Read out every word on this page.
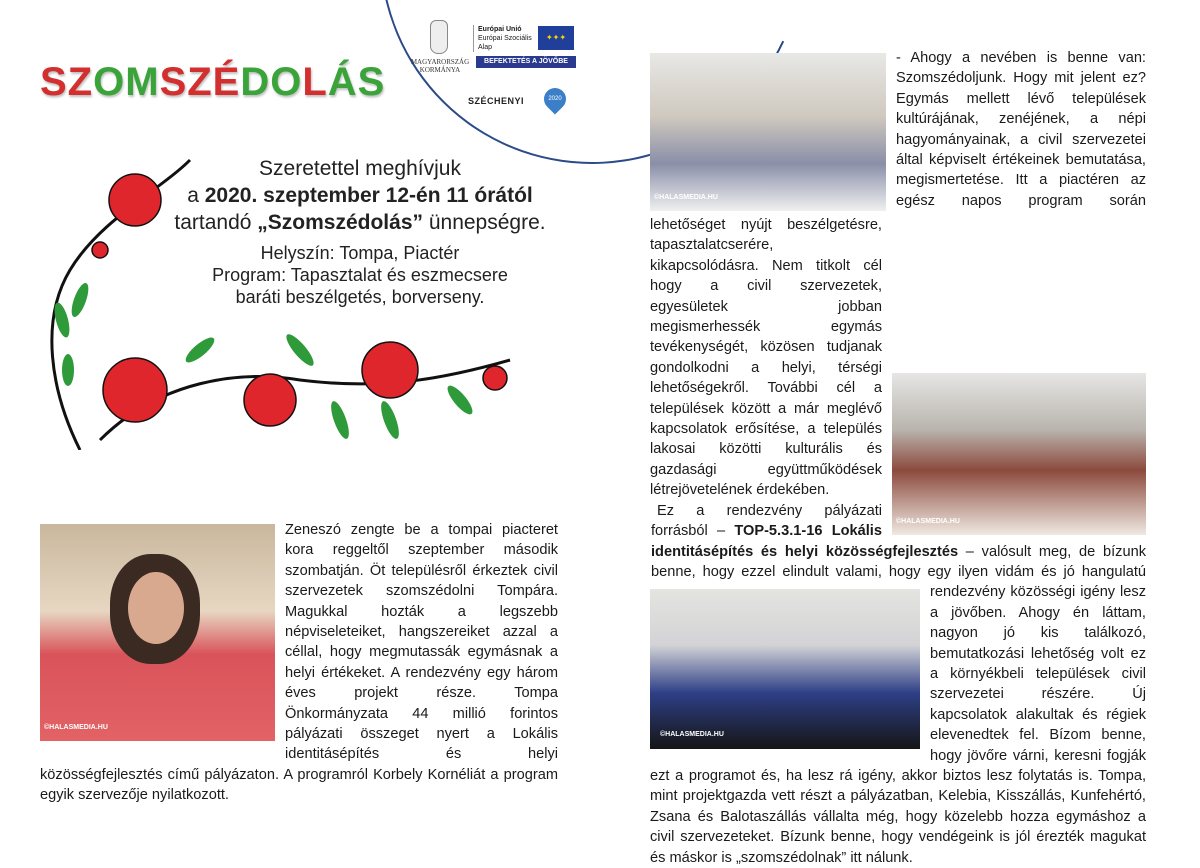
SZOMSZÉDOLÁS	MAGYARORSZÁG
KORMÁNYA
Európai Unió
Európai Szociális
Alap
✦✦✦
BEFEKTETÉS A JÖVŐBE
SZÉCHENYI	2020
Szeretettel meghívjuk
a 2020. szeptember 12-én 11 órától
tartandó „Szomszédolás” ünnepségre.
Helyszín: Tompa, Piactér
Program: Tapasztalat és eszmecsere
baráti beszélgetés, borverseny.
©HALASMEDIA.HU

Zeneszó zengte be a tompai piacteret kora reggeltől szeptember második szombatján. Öt településről érkeztek civil szervezetek szomszédolni Tompára. Magukkal hozták a legszebb népviseleteiket, hangszereiket azzal a céllal, hogy megmutassák egymásnak a helyi értékeket. A rendezvény egy három éves projekt része. Tompa Önkormányzata 44 millió forintos pályázati összeget nyert a Lokális identitásépítés és helyi közösségfejlesztés című pályázaton. A programról Korbely Kornéliát a program egyik szervezője nyilatkozott.

©HALASMEDIA.HU
©HALASMEDIA.HU

- Ahogy a nevében is benne van: Szomszédoljunk. Hogy mit jelent ez? Egymás mellett lévő települések kultúrájának, zenéjének, a népi hagyományainak, a civil szervezetei által képviselt értékeinek bemutatása, megismertetése. Itt a piactéren az egész napos program során lehetőséget nyújt beszélgetésre, tapasztalatcserére, kikapcsolódásra. Nem titkolt cél hogy a civil szervezetek, egyesületek jobban megismerhessék egymás tevékenységét, közösen tudjanak gondolkodni a helyi, térségi lehetőségekről. További cél a települések között a már meglévő kapcsolatok erősítése, a település lakosai közötti kulturális és gazdasági együttműködések létrejövetelének érdekében.

©HALASMEDIA.HU
Ez a rendezvény pályázati forrásból – TOP-5.3.1-16 Lokális identitásépítés és helyi közösségfejlesztés – valósult meg, de bízunk benne, hogy ezzel elindult valami, hogy egy ilyen vidám és jó hangulatú rendezvény közösségi igény lesz a jövőben. Ahogy én láttam, nagyon jó kis találkozó, bemutatkozási lehetőség volt ez a környékbeli települések civil szervezetei részére. Új kapcsolatok alakultak és régiek elevenedtek fel. Bízom benne, hogy jövőre várni, keresni fogják ezt a programot és, ha lesz rá igény, akkor biztos lesz folytatás is. Tompa, mint projektgazda vett részt a pályázatban, Kelebia, Kisszállás, Kunfehértó, Zsana és Balotaszállás vállalta még, hogy közelebb hozza egymáshoz a civil szervezeteket. Bízunk benne, hogy vendégeink is jól érezték magukat és máskor is „szomszédolnak” itt nálunk.
